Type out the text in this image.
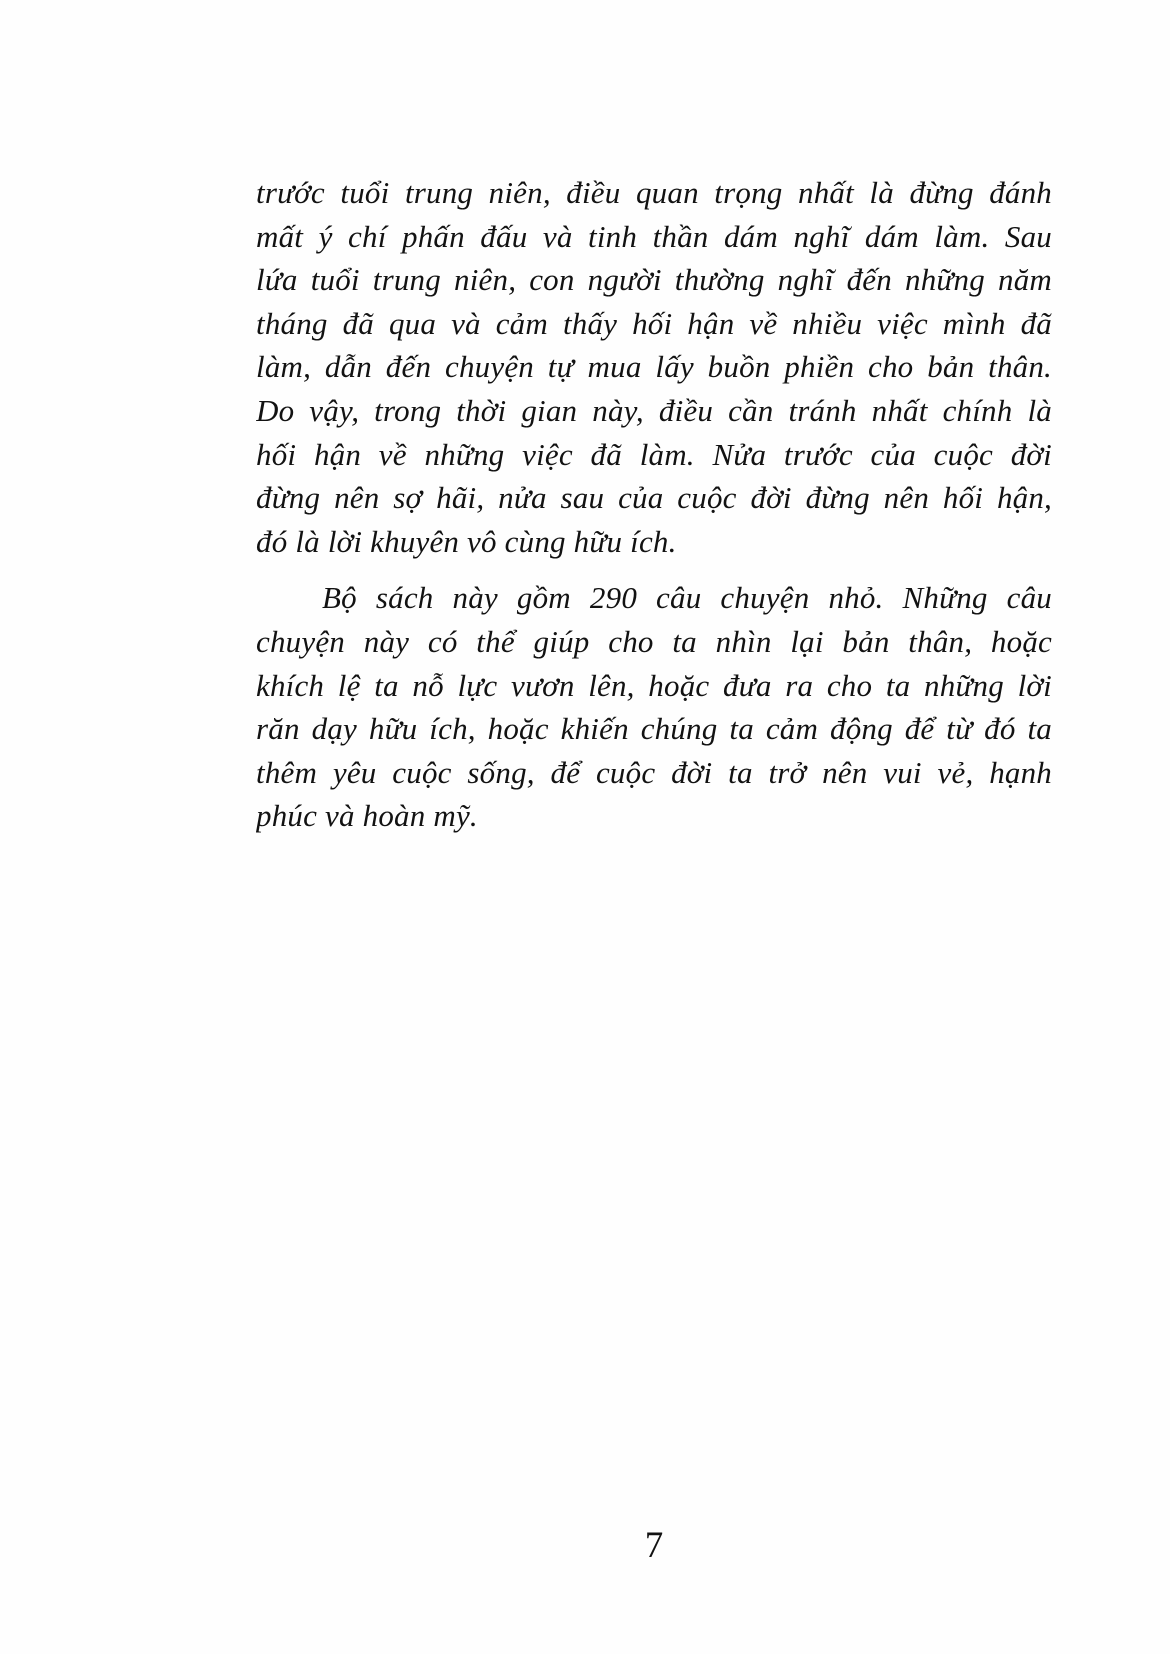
trước tuổi trung niên, điều quan trọng nhất là đừng đánh
mất ý chí phấn đấu và tinh thần dám nghĩ dám làm. Sau
lứa tuổi trung niên, con người thường nghĩ đến những năm
tháng đã qua và cảm thấy hối hận về nhiều việc mình đã
làm, dẫn đến chuyện tự mua lấy buồn phiền cho bản thân.
Do vậy, trong thời gian này, điều cần tránh nhất chính là
hối hận về những việc đã làm. Nửa trước của cuộc đời
đừng nên sợ hãi, nửa sau của cuộc đời đừng nên hối hận,
đó là lời khuyên vô cùng hữu ích.
Bộ sách này gồm 290 câu chuyện nhỏ. Những câu
chuyện này có thể giúp cho ta nhìn lại bản thân, hoặc
khích lệ ta nỗ lực vươn lên, hoặc đưa ra cho ta những lời
răn dạy hữu ích, hoặc khiến chúng ta cảm động để từ đó ta
thêm yêu cuộc sống, để cuộc đời ta trở nên vui vẻ, hạnh
phúc và hoàn mỹ.
7
